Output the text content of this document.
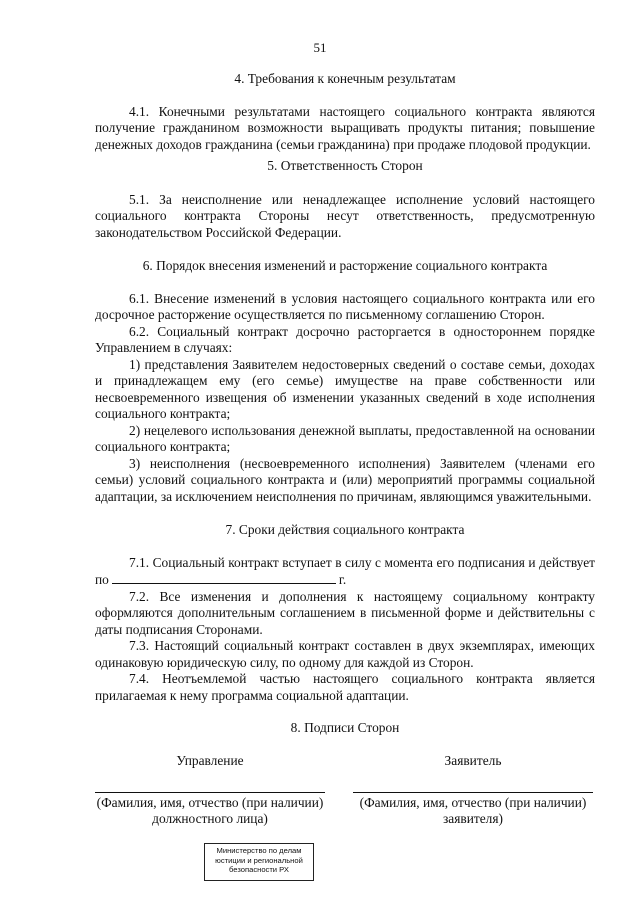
51
4. Требования к конечным результатам

4.1. Конечными результатами настоящего социального контракта являются получение гражданином возможности выращивать продукты питания; повышение денежных доходов гражданина (семьи гражданина) при продаже плодовой продукции.

5. Ответственность Сторон

5.1. За неисполнение или ненадлежащее исполнение условий настоящего социального контракта Стороны несут ответственность, предусмотренную законодательством Российской Федерации.

6. Порядок внесения изменений и расторжение социального контракта

6.1. Внесение изменений в условия настоящего социального контракта или его досрочное расторжение осуществляется по письменному соглашению Сторон.

6.2. Социальный контракт досрочно расторгается в одностороннем порядке Управлением в случаях:

1) представления Заявителем недостоверных сведений о составе семьи, доходах и принадлежащем ему (его семье) имуществе на праве собственности или несвоевременного извещения об изменении указанных сведений в ходе исполнения социального контракта;

2) нецелевого использования денежной выплаты, предоставленной на основании социального контракта;

3) неисполнения (несвоевременного исполнения) Заявителем (членами его семьи) условий социального контракта и (или) мероприятий программы социальной адаптации, за исключением неисполнения по причинам, являющимся уважительными.

7. Сроки действия социального контракта

7.1. Социальный контракт вступает в силу с момента его подписания и действует по	г.

7.2. Все изменения и дополнения к настоящему социальному контракту оформляются дополнительным соглашением в письменной форме и действительны с даты подписания Сторонами.

7.3. Настоящий социальный контракт составлен в двух экземплярах, имеющих одинаковую юридическую силу, по одному для каждой из Сторон.

7.4. Неотъемлемой частью настоящего социального контракта является прилагаемая к нему программа социальной адаптации.

8. Подписи Сторон
Управление
(Фамилия, имя, отчество (при наличии)
должностного лица)
Заявитель
(Фамилия, имя, отчество (при наличии)
заявителя)
Министерство по делам
юстиции и региональной
безопасности РХ
